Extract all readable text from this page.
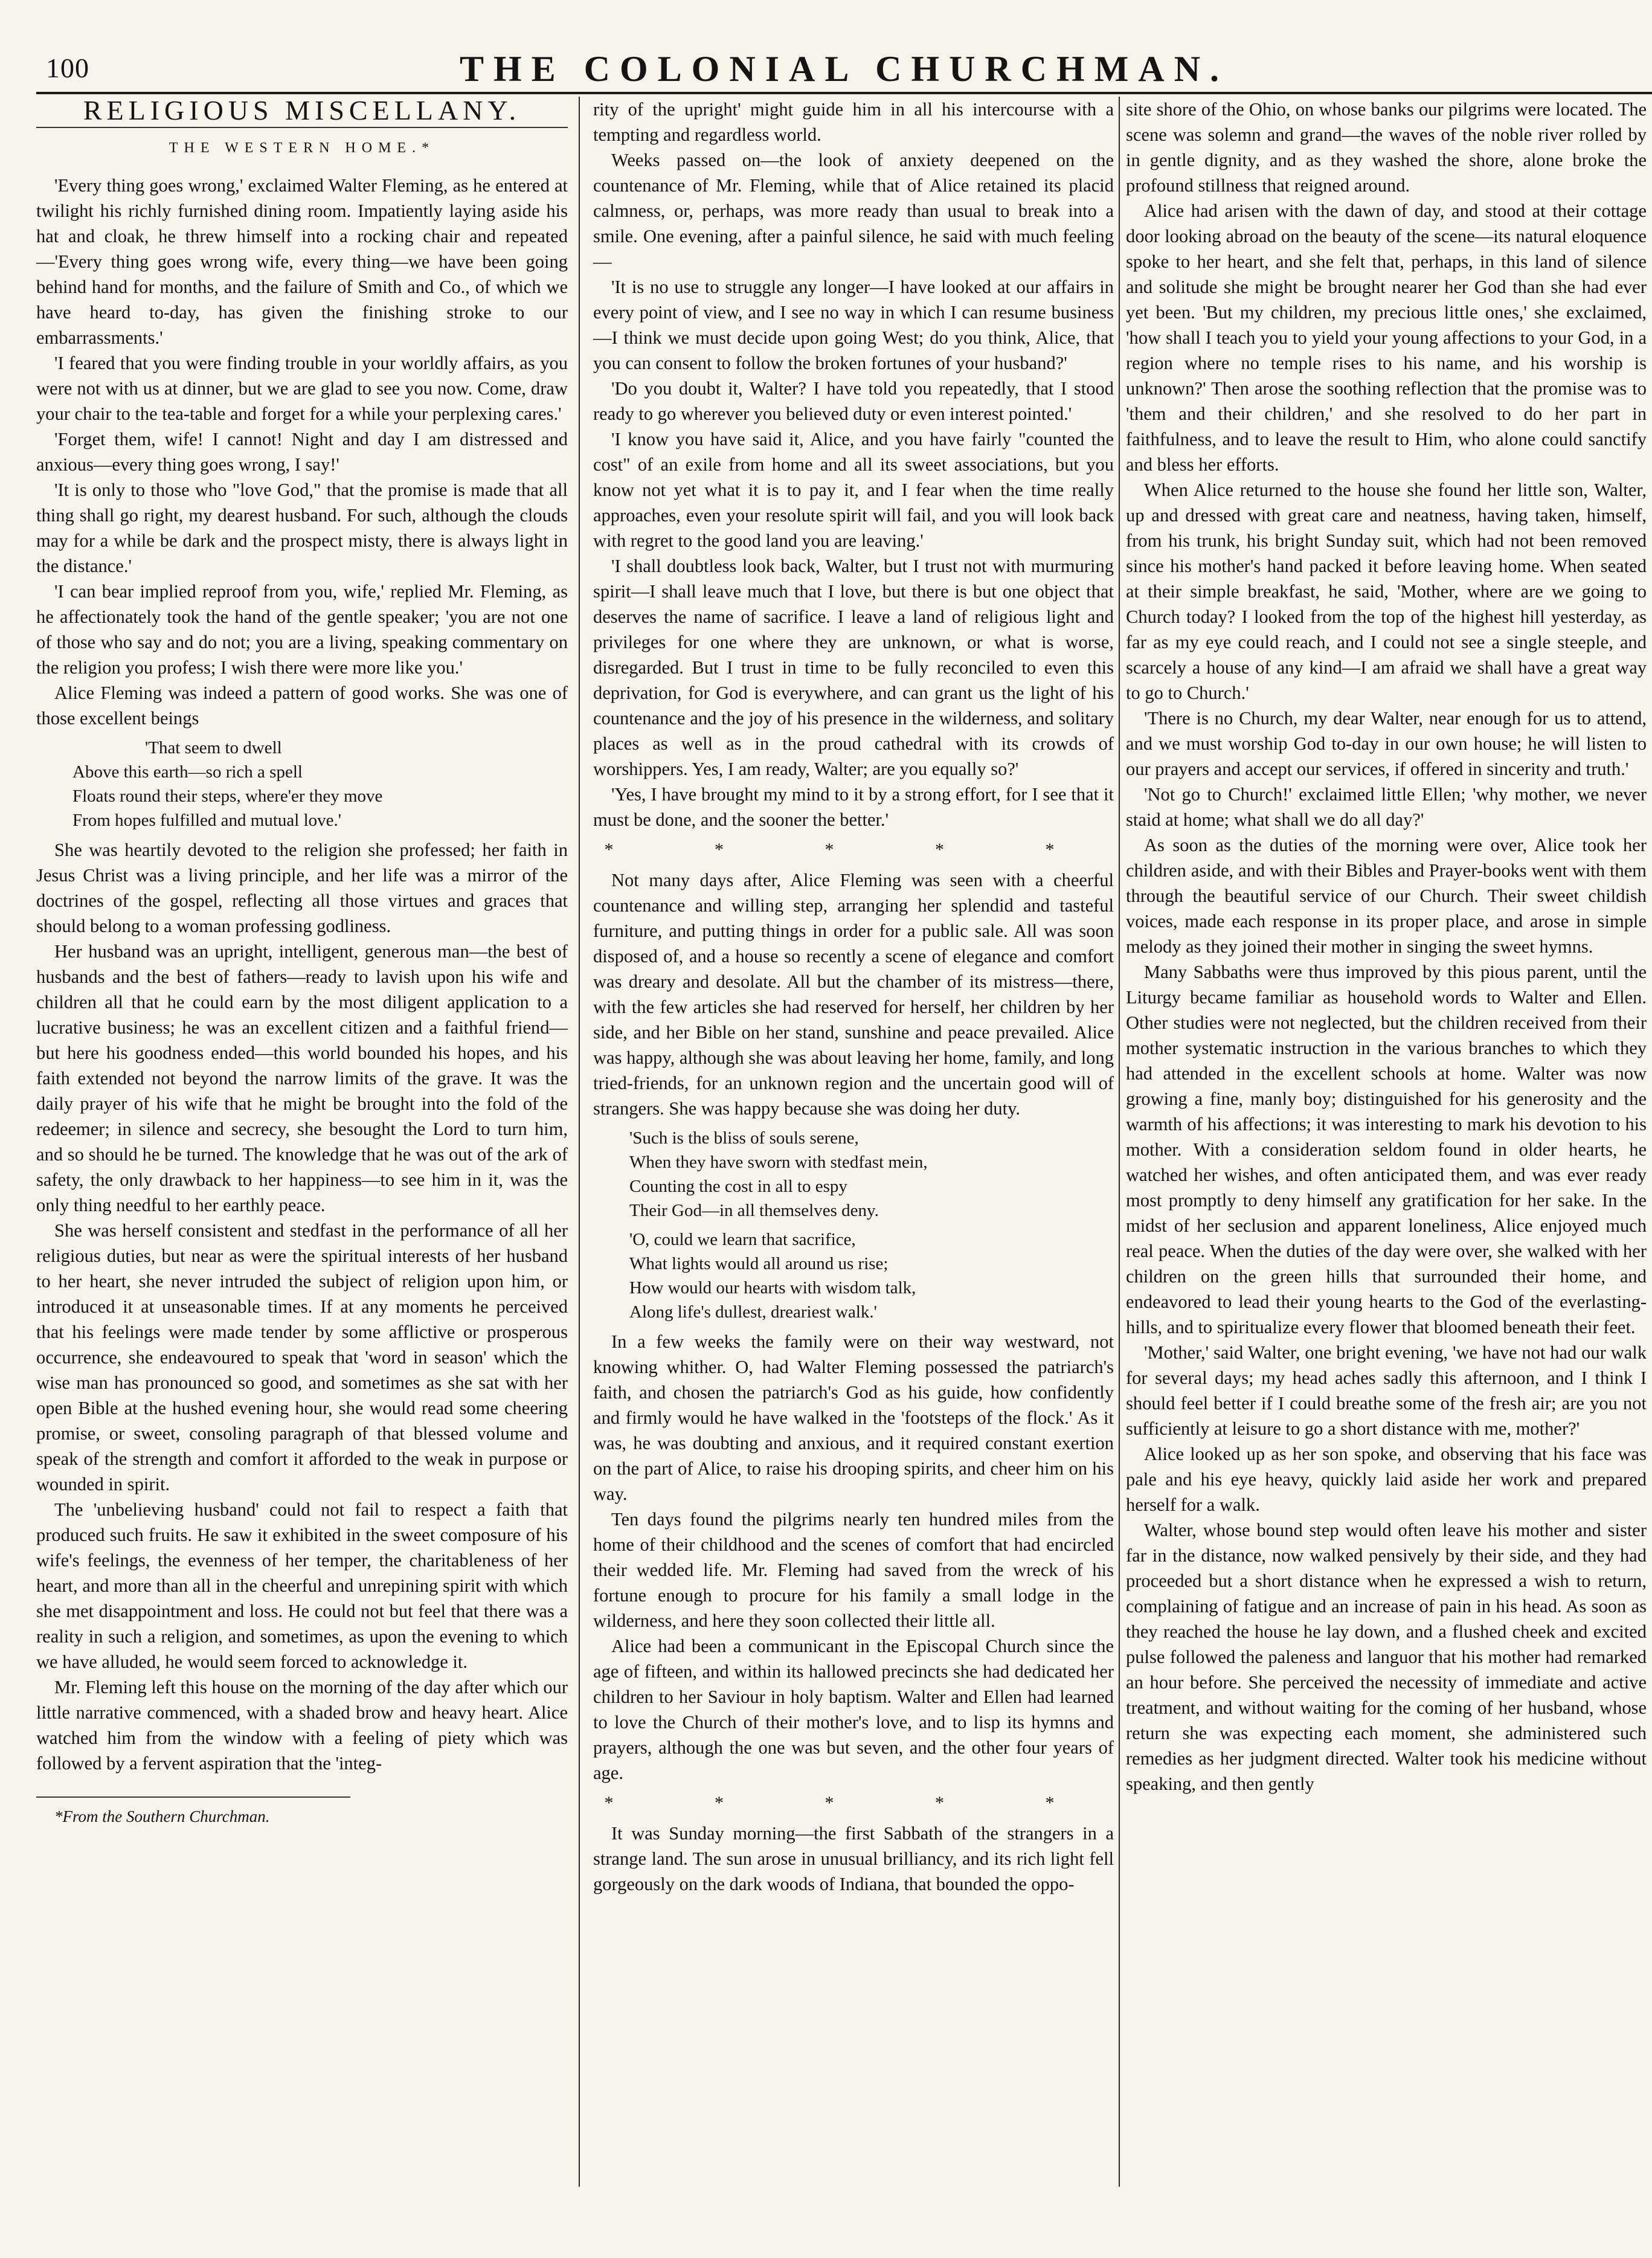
100	THE COLONIAL CHURCHMAN.
RELIGIOUS MISCELLANY.
THE WESTERN HOME.*

'Every thing goes wrong,' exclaimed Walter Fleming, as he entered at twilight his richly furnished dining room. Impatiently laying aside his hat and cloak, he threw himself into a rocking chair and repeated—'Every thing goes wrong wife, every thing—we have been going behind hand for months, and the failure of Smith and Co., of which we have heard to-day, has given the finishing stroke to our embarrassments.'

'I feared that you were finding trouble in your worldly affairs, as you were not with us at dinner, but we are glad to see you now. Come, draw your chair to the tea-table and forget for a while your perplexing cares.'

'Forget them, wife! I cannot! Night and day I am distressed and anxious—every thing goes wrong, I say!'

'It is only to those who "love God," that the promise is made that all thing shall go right, my dearest husband. For such, although the clouds may for a while be dark and the prospect misty, there is always light in the distance.'

'I can bear implied reproof from you, wife,' replied Mr. Fleming, as he affectionately took the hand of the gentle speaker; 'you are not one of those who say and do not; you are a living, speaking commentary on the religion you profess; I wish there were more like you.'

Alice Fleming was indeed a pattern of good works. She was one of those excellent beings

'That seem to dwell
Above this earth—so rich a spell
Floats round their steps, where'er they move
From hopes fulfilled and mutual love.'

She was heartily devoted to the religion she professed; her faith in Jesus Christ was a living principle, and her life was a mirror of the doctrines of the gospel, reflecting all those virtues and graces that should belong to a woman professing godliness.

Her husband was an upright, intelligent, generous man—the best of husbands and the best of fathers—ready to lavish upon his wife and children all that he could earn by the most diligent application to a lucrative business; he was an excellent citizen and a faithful friend—but here his goodness ended—this world bounded his hopes, and his faith extended not beyond the narrow limits of the grave. It was the daily prayer of his wife that he might be brought into the fold of the redeemer; in silence and secrecy, she besought the Lord to turn him, and so should he be turned. The knowledge that he was out of the ark of safety, the only drawback to her happiness—to see him in it, was the only thing needful to her earthly peace.

She was herself consistent and stedfast in the performance of all her religious duties, but near as were the spiritual interests of her husband to her heart, she never intruded the subject of religion upon him, or introduced it at unseasonable times. If at any moments he perceived that his feelings were made tender by some afflictive or prosperous occurrence, she endeavoured to speak that 'word in season' which the wise man has pronounced so good, and sometimes as she sat with her open Bible at the hushed evening hour, she would read some cheering promise, or sweet, consoling paragraph of that blessed volume and speak of the strength and comfort it afforded to the weak in purpose or wounded in spirit.

The 'unbelieving husband' could not fail to respect a faith that produced such fruits. He saw it exhibited in the sweet composure of his wife's feelings, the evenness of her temper, the charitableness of her heart, and more than all in the cheerful and unrepining spirit with which she met disappointment and loss. He could not but feel that there was a reality in such a religion, and sometimes, as upon the evening to which we have alluded, he would seem forced to acknowledge it.

Mr. Fleming left this house on the morning of the day after which our little narrative commenced, with a shaded brow and heavy heart. Alice watched him from the window with a feeling of piety which was followed by a fervent aspiration that the 'integ-

*From the Southern Churchman.

rity of the upright' might guide him in all his intercourse with a tempting and regardless world.

Weeks passed on—the look of anxiety deepened on the countenance of Mr. Fleming, while that of Alice retained its placid calmness, or, perhaps, was more ready than usual to break into a smile. One evening, after a painful silence, he said with much feeling—

'It is no use to struggle any longer—I have looked at our affairs in every point of view, and I see no way in which I can resume business—I think we must decide upon going West; do you think, Alice, that you can consent to follow the broken fortunes of your husband?'

'Do you doubt it, Walter? I have told you repeatedly, that I stood ready to go wherever you believed duty or even interest pointed.'

'I know you have said it, Alice, and you have fairly "counted the cost" of an exile from home and all its sweet associations, but you know not yet what it is to pay it, and I fear when the time really approaches, even your resolute spirit will fail, and you will look back with regret to the good land you are leaving.'

'I shall doubtless look back, Walter, but I trust not with murmuring spirit—I shall leave much that I love, but there is but one object that deserves the name of sacrifice. I leave a land of religious light and privileges for one where they are unknown, or what is worse, disregarded. But I trust in time to be fully reconciled to even this deprivation, for God is everywhere, and can grant us the light of his countenance and the joy of his presence in the wilderness, and solitary places as well as in the proud cathedral with its crowds of worshippers. Yes, I am ready, Walter; are you equally so?'

'Yes, I have brought my mind to it by a strong effort, for I see that it must be done, and the sooner the better.'

* * * * *

Not many days after, Alice Fleming was seen with a cheerful countenance and willing step, arranging her splendid and tasteful furniture, and putting things in order for a public sale. All was soon disposed of, and a house so recently a scene of elegance and comfort was dreary and desolate. All but the chamber of its mistress—there, with the few articles she had reserved for herself, her children by her side, and her Bible on her stand, sunshine and peace prevailed. Alice was happy, although she was about leaving her home, family, and long tried-friends, for an unknown region and the uncertain good will of strangers. She was happy because she was doing her duty.

'Such is the bliss of souls serene,
When they have sworn with stedfast mein,
Counting the cost in all to espy
Their God—in all themselves deny.
'O, could we learn that sacrifice,
What lights would all around us rise;
How would our hearts with wisdom talk,
Along life's dullest, dreariest walk.'

In a few weeks the family were on their way westward, not knowing whither. O, had Walter Fleming possessed the patriarch's faith, and chosen the patriarch's God as his guide, how confidently and firmly would he have walked in the 'footsteps of the flock.' As it was, he was doubting and anxious, and it required constant exertion on the part of Alice, to raise his drooping spirits, and cheer him on his way.

Ten days found the pilgrims nearly ten hundred miles from the home of their childhood and the scenes of comfort that had encircled their wedded life. Mr. Fleming had saved from the wreck of his fortune enough to procure for his family a small lodge in the wilderness, and here they soon collected their little all.

Alice had been a communicant in the Episcopal Church since the age of fifteen, and within its hallowed precincts she had dedicated her children to her Saviour in holy baptism. Walter and Ellen had learned to love the Church of their mother's love, and to lisp its hymns and prayers, although the one was but seven, and the other four years of age.

* * * * *

It was Sunday morning—the first Sabbath of the strangers in a strange land. The sun arose in unusual brilliancy, and its rich light fell gorgeously on the dark woods of Indiana, that bounded the oppo-

site shore of the Ohio, on whose banks our pilgrims were located. The scene was solemn and grand—the waves of the noble river rolled by in gentle dignity, and as they washed the shore, alone broke the profound stillness that reigned around.

Alice had arisen with the dawn of day, and stood at their cottage door looking abroad on the beauty of the scene—its natural eloquence spoke to her heart, and she felt that, perhaps, in this land of silence and solitude she might be brought nearer her God than she had ever yet been. 'But my children, my precious little ones,' she exclaimed, 'how shall I teach you to yield your young affections to your God, in a region where no temple rises to his name, and his worship is unknown?' Then arose the soothing reflection that the promise was to 'them and their children,' and she resolved to do her part in faithfulness, and to leave the result to Him, who alone could sanctify and bless her efforts.

When Alice returned to the house she found her little son, Walter, up and dressed with great care and neatness, having taken, himself, from his trunk, his bright Sunday suit, which had not been removed since his mother's hand packed it before leaving home. When seated at their simple breakfast, he said, 'Mother, where are we going to Church today? I looked from the top of the highest hill yesterday, as far as my eye could reach, and I could not see a single steeple, and scarcely a house of any kind—I am afraid we shall have a great way to go to Church.'

'There is no Church, my dear Walter, near enough for us to attend, and we must worship God to-day in our own house; he will listen to our prayers and accept our services, if offered in sincerity and truth.'

'Not go to Church!' exclaimed little Ellen; 'why mother, we never staid at home; what shall we do all day?'

As soon as the duties of the morning were over, Alice took her children aside, and with their Bibles and Prayer-books went with them through the beautiful service of our Church. Their sweet childish voices, made each response in its proper place, and arose in simple melody as they joined their mother in singing the sweet hymns.

Many Sabbaths were thus improved by this pious parent, until the Liturgy became familiar as household words to Walter and Ellen. Other studies were not neglected, but the children received from their mother systematic instruction in the various branches to which they had attended in the excellent schools at home. Walter was now growing a fine, manly boy; distinguished for his generosity and the warmth of his affections; it was interesting to mark his devotion to his mother. With a consideration seldom found in older hearts, he watched her wishes, and often anticipated them, and was ever ready most promptly to deny himself any gratification for her sake. In the midst of her seclusion and apparent loneliness, Alice enjoyed much real peace. When the duties of the day were over, she walked with her children on the green hills that surrounded their home, and endeavored to lead their young hearts to the God of the everlasting-hills, and to spiritualize every flower that bloomed beneath their feet.

'Mother,' said Walter, one bright evening, 'we have not had our walk for several days; my head aches sadly this afternoon, and I think I should feel better if I could breathe some of the fresh air; are you not sufficiently at leisure to go a short distance with me, mother?'

Alice looked up as her son spoke, and observing that his face was pale and his eye heavy, quickly laid aside her work and prepared herself for a walk.

Walter, whose bound step would often leave his mother and sister far in the distance, now walked pensively by their side, and they had proceeded but a short distance when he expressed a wish to return, complaining of fatigue and an increase of pain in his head. As soon as they reached the house he lay down, and a flushed cheek and excited pulse followed the paleness and languor that his mother had remarked an hour before. She perceived the necessity of immediate and active treatment, and without waiting for the coming of her husband, whose return she was expecting each moment, she administered such remedies as her judgment directed. Walter took his medicine without speaking, and then gently
